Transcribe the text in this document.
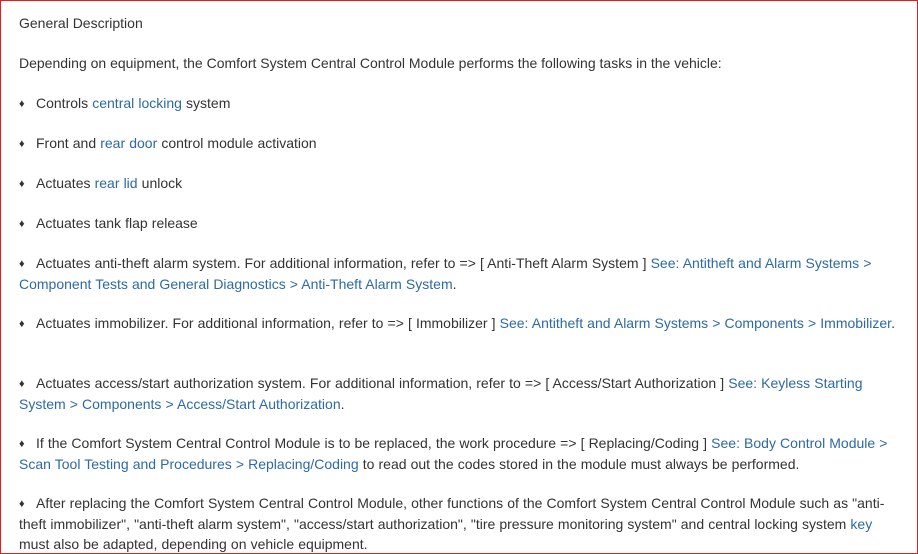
General Description
Depending on equipment, the Comfort System Central Control Module performs the following tasks in the vehicle:
♦ Controls central locking system
♦ Front and rear door control module activation
♦ Actuates rear lid unlock
♦ Actuates tank flap release
♦ Actuates anti-theft alarm system. For additional information, refer to => [ Anti-Theft Alarm System ] See: Antitheft and Alarm Systems > Component Tests and General Diagnostics > Anti-Theft Alarm System.
♦ Actuates immobilizer. For additional information, refer to => [ Immobilizer ] See: Antitheft and Alarm Systems > Components > Immobilizer.
♦ Actuates access/start authorization system. For additional information, refer to => [ Access/Start Authorization ] See: Keyless Starting System > Components > Access/Start Authorization.
♦ If the Comfort System Central Control Module is to be replaced, the work procedure => [ Replacing/Coding ] See: Body Control Module > Scan Tool Testing and Procedures > Replacing/Coding to read out the codes stored in the module must always be performed.
♦ After replacing the Comfort System Central Control Module, other functions of the Comfort System Central Control Module such as "anti-theft immobilizer", "anti-theft alarm system", "access/start authorization", "tire pressure monitoring system" and central locking system key must also be adapted, depending on vehicle equipment.
